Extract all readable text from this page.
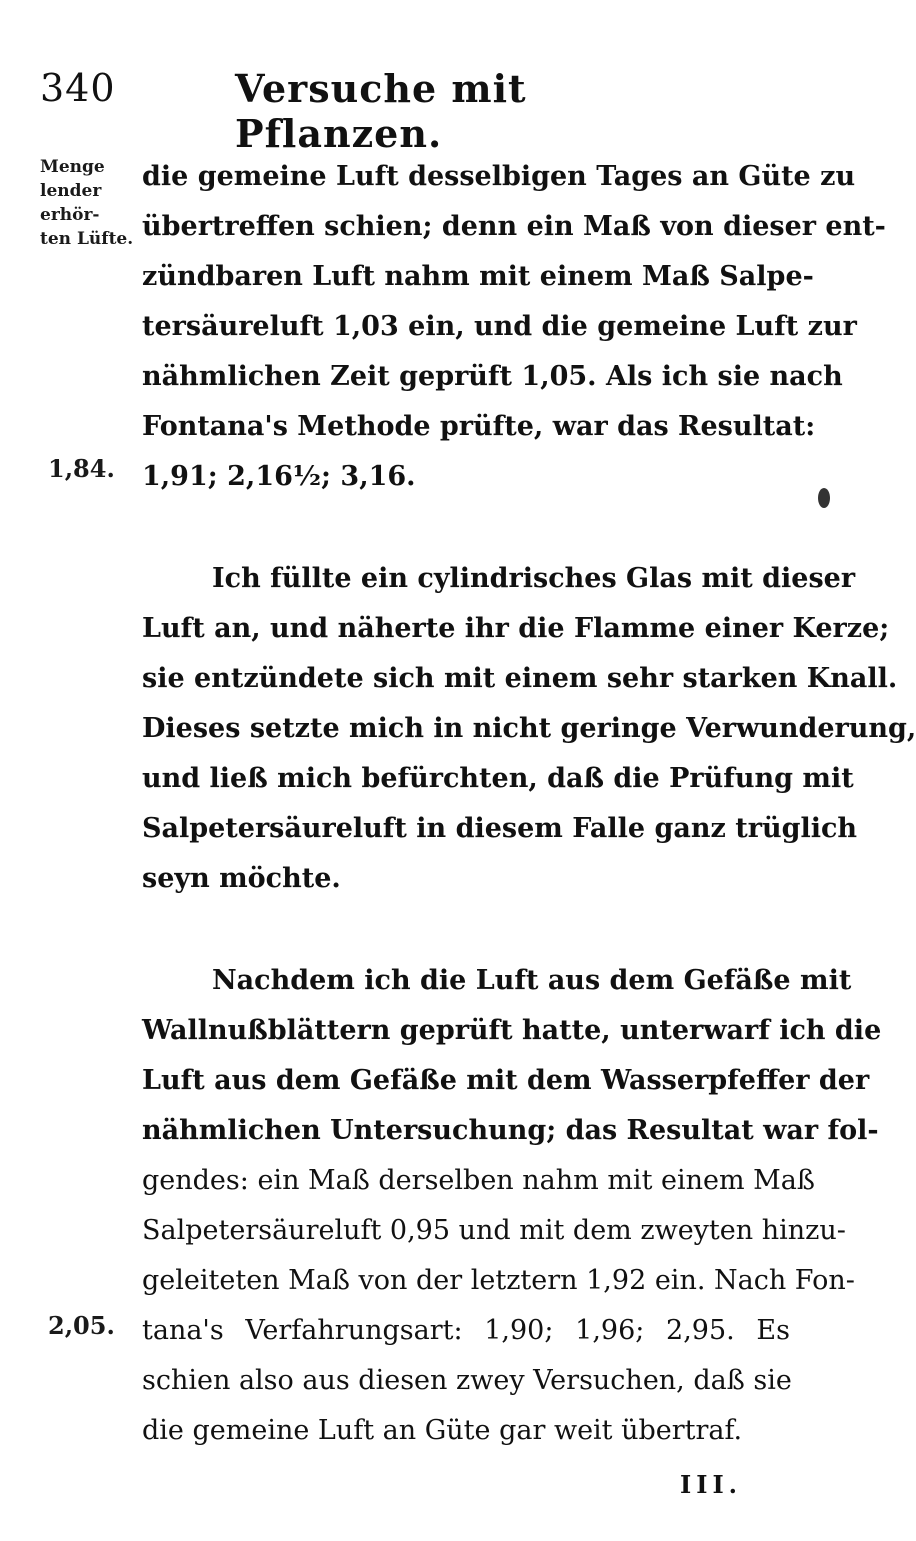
340	Versuche mit Pflanzen.
Menge lender erhör- ten Lüfte.
1,84.
2,05.
die gemeine Luft desselbigen Tages an Güte zu
übertreffen schien; denn ein Maß von dieser ent-
zündbaren Luft nahm mit einem Maß Salpe-
tersäureluft 1,03 ein, und die gemeine Luft zur
nähmlichen Zeit geprüft 1,05. Als ich sie nach
Fontana's Methode prüfte, war das Resultat:
1,91; 2,16½; 3,16.
Ich füllte ein cylindrisches Glas mit dieser
Luft an, und näherte ihr die Flamme einer Kerze;
sie entzündete sich mit einem sehr starken Knall.
Dieses setzte mich in nicht geringe Verwunderung,
und ließ mich befürchten, daß die Prüfung mit
Salpetersäureluft in diesem Falle ganz trüglich
seyn möchte.
Nachdem ich die Luft aus dem Gefäße mit
Wallnußblättern geprüft hatte, unterwarf ich die
Luft aus dem Gefäße mit dem Wasserpfeffer der
nähmlichen Untersuchung; das Resultat war fol-
gendes: ein Maß derselben nahm mit einem Maß
Salpetersäureluft 0,95 und mit dem zweyten hinzu-
geleiteten Maß von der letztern 1,92 ein. Nach Fon-
tana's Verfahrungsart: 1,90; 1,96; 2,95. Es
schien also aus diesen zwey Versuchen, daß sie
die gemeine Luft an Güte gar weit übertraf.
III.
